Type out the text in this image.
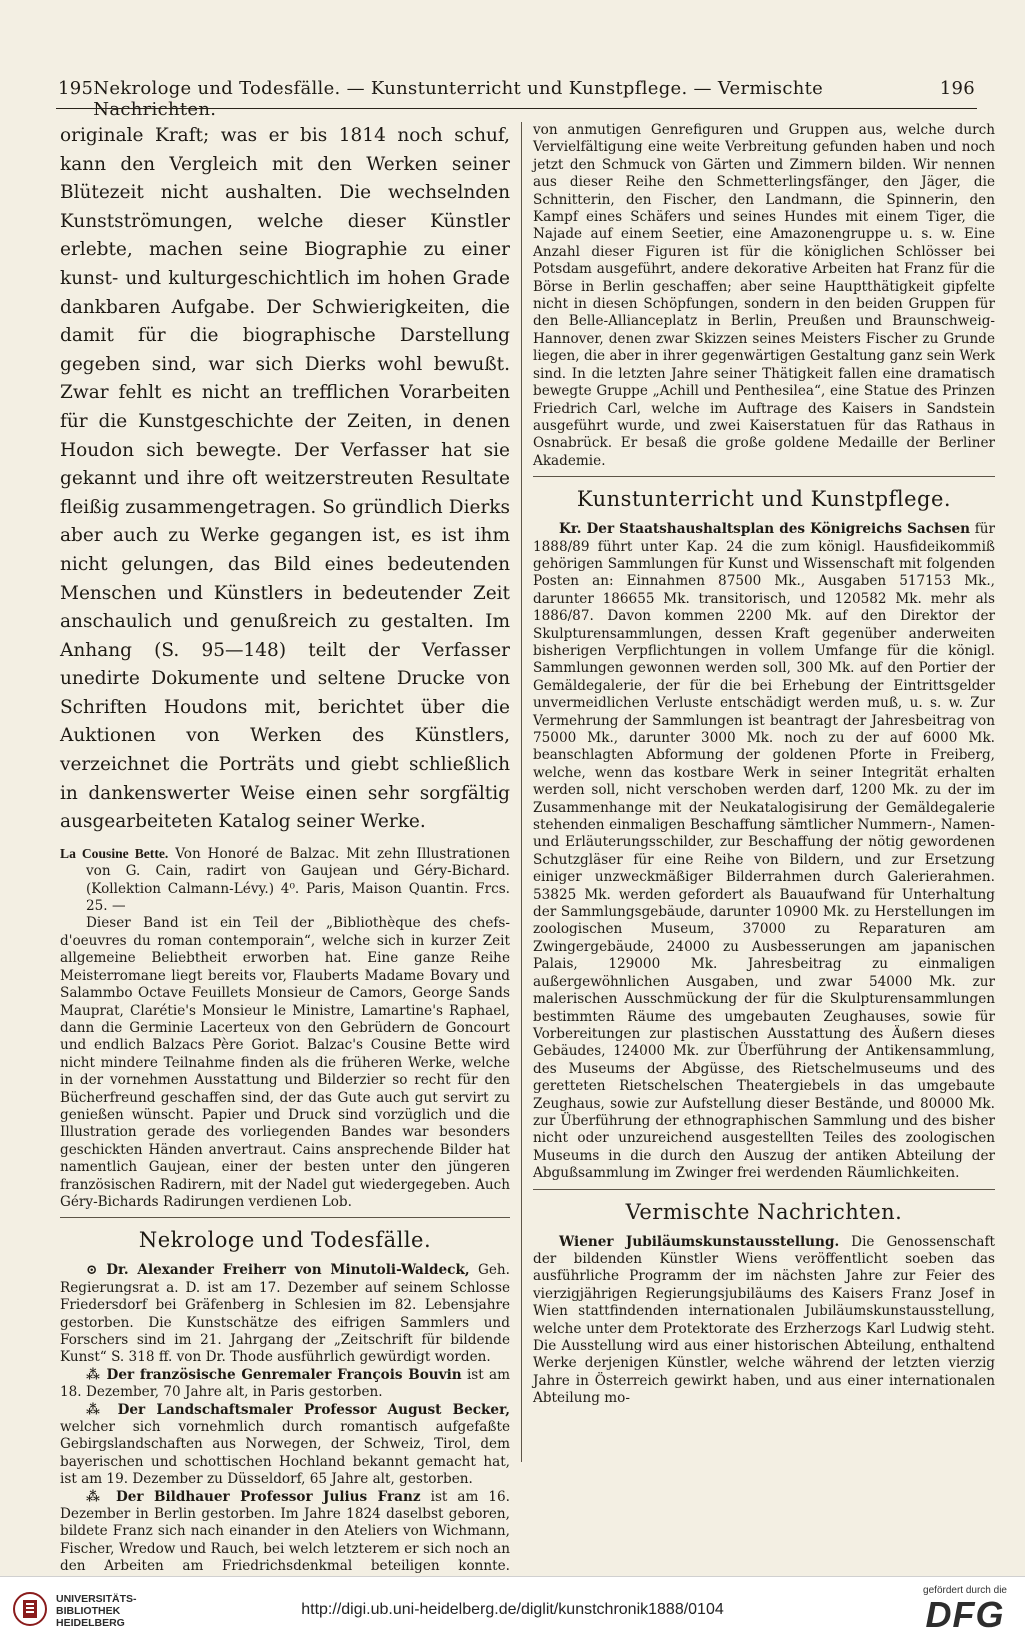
195 Nekrologe und Todesfälle. — Kunstunterricht und Kunstpflege. — Vermischte Nachrichten.
196

originale Kraft; was er bis 1814 noch schuf, kann den Vergleich mit den Werken seiner Blütezeit nicht aushalten. Die wechselnden Kunstströmungen, welche dieser Künstler erlebte, machen seine Biographie zu einer kunst- und kulturgeschichtlich im hohen Grade dankbaren Aufgabe. Der Schwierigkeiten, die damit für die biographische Darstellung gegeben sind, war sich Dierks wohl bewußt. Zwar fehlt es nicht an trefflichen Vorarbeiten für die Kunstgeschichte der Zeiten, in denen Houdon sich bewegte. Der Verfasser hat sie gekannt und ihre oft weitzerstreuten Resultate fleißig zusammengetragen. So gründlich Dierks aber auch zu Werke gegangen ist, es ist ihm nicht gelungen, das Bild eines bedeutenden Menschen und Künstlers in bedeutender Zeit anschaulich und genußreich zu gestalten. Im Anhang (S. 95—148) teilt der Verfasser unedirte Dokumente und seltene Drucke von Schriften Houdons mit, berichtet über die Auktionen von Werken des Künstlers, verzeichnet die Porträts und giebt schließlich in dankenswerter Weise einen sehr sorgfältig ausgearbeiteten Katalog seiner Werke.

La Cousine Bette. Von Honoré de Balzac. Mit zehn Illustrationen von G. Cain, radirt von Gaujean und Géry-Bichard. (Kollektion Calmann-Lévy.) 4⁰. Paris, Maison Quantin. Frcs. 25. —

Dieser Band ist ein Teil der „Bibliothèque des chefs-d'oeuvres du roman contemporain“, welche sich in kurzer Zeit allgemeine Beliebtheit erworben hat. Eine ganze Reihe Meisterromane liegt bereits vor, Flauberts Madame Bovary und Salammbo Octave Feuillets Monsieur de Camors, George Sands Mauprat, Clarétie's Monsieur le Ministre, Lamartine's Raphael, dann die Germinie Lacerteux von den Gebrüdern de Goncourt und endlich Balzacs Père Goriot. Balzac's Cousine Bette wird nicht mindere Teilnahme finden als die früheren Werke, welche in der vornehmen Ausstattung und Bilderzier so recht für den Bücherfreund geschaffen sind, der das Gute auch gut servirt zu genießen wünscht. Papier und Druck sind vorzüglich und die Illustration gerade des vorliegenden Bandes war besonders geschickten Händen anvertraut. Cains ansprechende Bilder hat namentlich Gaujean, einer der besten unter den jüngeren französischen Radirern, mit der Nadel gut wiedergegeben. Auch Géry-Bichards Radirungen verdienen Lob.

Nekrologe und Todesfälle.

⊙ Dr. Alexander Freiherr von Minutoli-Waldeck, Geh. Regierungsrat a. D. ist am 17. Dezember auf seinem Schlosse Friedersdorf bei Gräfenberg in Schlesien im 82. Lebensjahre gestorben. Die Kunstschätze des eifrigen Sammlers und Forschers sind im 21. Jahrgang der „Zeitschrift für bildende Kunst“ S. 318 ff. von Dr. Thode ausführlich gewürdigt worden.

⁂ Der französische Genremaler François Bouvin ist am 18. Dezember, 70 Jahre alt, in Paris gestorben.

⁂ Der Landschaftsmaler Professor August Becker, welcher sich vornehmlich durch romantisch aufgefaßte Gebirgslandschaften aus Norwegen, der Schweiz, Tirol, dem bayerischen und schottischen Hochland bekannt gemacht hat, ist am 19. Dezember zu Düsseldorf, 65 Jahre alt, gestorben.

⁂ Der Bildhauer Professor Julius Franz ist am 16. Dezember in Berlin gestorben. Im Jahre 1824 daselbst geboren, bildete Franz sich nach einander in den Ateliers von Wichmann, Fischer, Wredow und Rauch, bei welch letzterem er sich noch an den Arbeiten am Friedrichsdenkmal beteiligen konnte.

von anmutigen Genrefiguren und Gruppen aus, welche durch Vervielfältigung eine weite Verbreitung gefunden haben und noch jetzt den Schmuck von Gärten und Zimmern bilden. Wir nennen aus dieser Reihe den Schmetterlingsfänger, den Jäger, die Schnitterin, den Fischer, den Landmann, die Spinnerin, den Kampf eines Schäfers und seines Hundes mit einem Tiger, die Najade auf einem Seetier, eine Amazonengruppe u. s. w. Eine Anzahl dieser Figuren ist für die königlichen Schlösser bei Potsdam ausgeführt, andere dekorative Arbeiten hat Franz für die Börse in Berlin geschaffen; aber seine Hauptthätigkeit gipfelte nicht in diesen Schöpfungen, sondern in den beiden Gruppen für den Belle-Allianceplatz in Berlin, Preußen und Braunschweig-Hannover, denen zwar Skizzen seines Meisters Fischer zu Grunde liegen, die aber in ihrer gegenwärtigen Gestaltung ganz sein Werk sind. In die letzten Jahre seiner Thätigkeit fallen eine dramatisch bewegte Gruppe „Achill und Penthesilea“, eine Statue des Prinzen Friedrich Carl, welche im Auftrage des Kaisers in Sandstein ausgeführt wurde, und zwei Kaiserstatuen für das Rathaus in Osnabrück. Er besaß die große goldene Medaille der Berliner Akademie.

Kunstunterricht und Kunstpflege.

Kr. Der Staatshaushaltsplan des Königreichs Sachsen für 1888/89 führt unter Kap. 24 die zum königl. Hausfideikommiß gehörigen Sammlungen für Kunst und Wissenschaft mit folgenden Posten an: Einnahmen 87500 Mk., Ausgaben 517153 Mk., darunter 186655 Mk. transitorisch, und 120582 Mk. mehr als 1886/87. Davon kommen 2200 Mk. auf den Direktor der Skulpturensammlungen, dessen Kraft gegenüber anderweiten bisherigen Verpflichtungen in vollem Umfange für die königl. Sammlungen gewonnen werden soll, 300 Mk. auf den Portier der Gemäldegalerie, der für die bei Erhebung der Eintrittsgelder unvermeidlichen Verluste entschädigt werden muß, u. s. w. Zur Vermehrung der Sammlungen ist beantragt der Jahresbeitrag von 75000 Mk., darunter 3000 Mk. noch zu der auf 6000 Mk. beanschlagten Abformung der goldenen Pforte in Freiberg, welche, wenn das kostbare Werk in seiner Integrität erhalten werden soll, nicht verschoben werden darf, 1200 Mk. zu der im Zusammenhange mit der Neukatalogisirung der Gemäldegalerie stehenden einmaligen Beschaffung sämtlicher Nummern-, Namen- und Erläuterungsschilder, zur Beschaffung der nötig gewordenen Schutzgläser für eine Reihe von Bildern, und zur Ersetzung einiger unzweckmäßiger Bilderrahmen durch Galerierahmen. 53825 Mk. werden gefordert als Bauaufwand für Unterhaltung der Sammlungsgebäude, darunter 10900 Mk. zu Herstellungen im zoologischen Museum, 37000 zu Reparaturen am Zwingergebäude, 24000 zu Ausbesserungen am japanischen Palais, 129000 Mk. Jahresbeitrag zu einmaligen außergewöhnlichen Ausgaben, und zwar 54000 Mk. zur malerischen Ausschmückung der für die Skulpturensammlungen bestimmten Räume des umgebauten Zeughauses, sowie für Vorbereitungen zur plastischen Ausstattung des Äußern dieses Gebäudes, 124000 Mk. zur Überführung der Antikensammlung, des Museums der Abgüsse, des Rietschelmuseums und des geretteten Rietschelschen Theatergiebels in das umgebaute Zeughaus, sowie zur Aufstellung dieser Bestände, und 80000 Mk. zur Überführung der ethnographischen Sammlung und des bisher nicht oder unzureichend ausgestellten Teiles des zoologischen Museums in die durch den Auszug der antiken Abteilung der Abgußsammlung im Zwinger frei werdenden Räumlichkeiten.

Vermischte Nachrichten.

Wiener Jubiläumskunstausstellung. Die Genossenschaft der bildenden Künstler Wiens veröffentlicht soeben das ausführliche Programm der im nächsten Jahre zur Feier des vierzigjährigen Regierungsjubiläums des Kaisers Franz Josef in Wien stattfindenden internationalen Jubiläumskunstausstellung, welche unter dem Protektorate des Erzherzogs Karl Ludwig steht. Die Ausstellung wird aus einer historischen Abteilung, enthaltend Werke derjenigen Künstler, welche während der letzten vierzig Jahre in Österreich gewirkt haben, und aus einer internationalen Abteilung mo-

UNIVERSITÄTS-
BIBLIOTHEK
HEIDELBERG
http://digi.ub.uni-heidelberg.de/diglit/kunstchronik1888/0104
gefördert durch die
DFG
